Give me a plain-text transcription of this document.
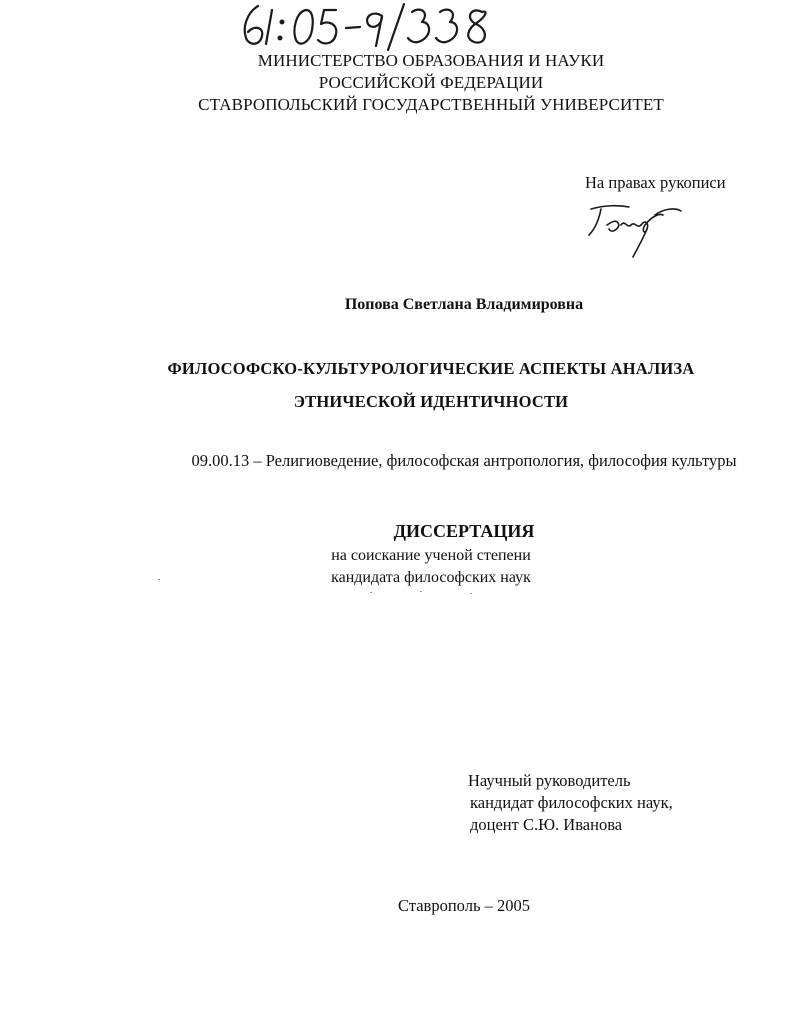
МИНИСТЕРСТВО ОБРАЗОВАНИЯ И НАУКИ
РОССИЙСКОЙ ФЕДЕРАЦИИ
СТАВРОПОЛЬСКИЙ ГОСУДАРСТВЕННЫЙ УНИВЕРСИТЕТ
На правах рукописи
Попова Светлана Владимировна
ФИЛОСОФСКО-КУЛЬТУРОЛОГИЧЕСКИЕ АСПЕКТЫ АНАЛИЗА
ЭТНИЧЕСКОЙ ИДЕНТИЧНОСТИ
09.00.13 – Религиоведение, философская антропология, философия культуры
ДИССЕРТАЦИЯ
на соискание ученой степени
кандидата философских наук
Научный руководитель
кандидат философских наук,
доцент С.Ю. Иванова
Ставрополь – 2005
